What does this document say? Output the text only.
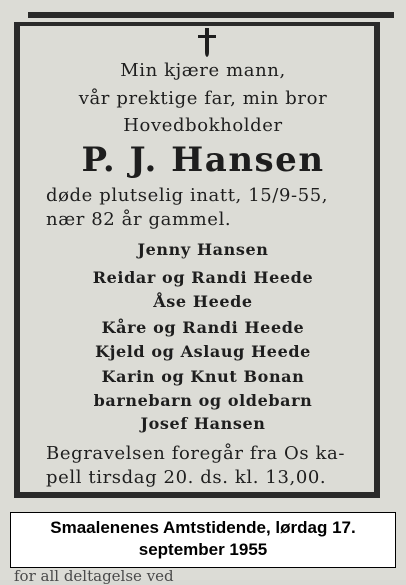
Min kjære mann,
vår prektige far, min bror
Hovedbokholder
P. J. Hansen
døde plutselig inatt, 15/9-55,
nær 82 år gammel.
Jenny Hansen
Reidar og Randi Heede
Åse Heede
Kåre og Randi Heede
Kjeld og Aslaug Heede
Karin og Knut Bonan
barnebarn og oldebarn
Josef Hansen
Begravelsen foregår fra Os ka-
pell tirsdag 20. ds. kl. 13,00.
Smaalenenes Amtstidende, lørdag 17.
september 1955
for all deltagelse ved
